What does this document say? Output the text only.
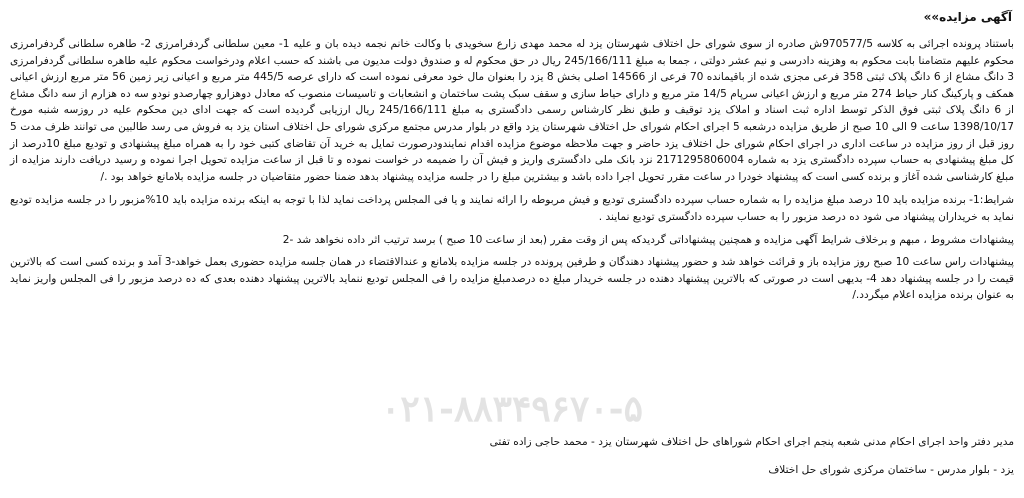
آگهی مزایده»»

باستناد پرونده اجرائی به کلاسه 970577/5ش صادره از سوی شورای حل اختلاف شهرستان یزد له محمد مهدی زارع سخویدی با وکالت خانم نجمه دیده بان و علیه 1- معین سلطانی گردفرامرزی 2- طاهره سلطانی گردفرامرزی محکوم علیهم متضامنا بابت محکوم به وهزینه دادرسی و نیم عشر دولتی ، جمعا به مبلغ 245/166/111 ریال در حق محکوم له و صندوق دولت مدیون می باشند که حسب اعلام ودرخواست محکوم علیه طاهره سلطانی گردفرامرزی 3 دانگ مشاع از 6 دانگ پلاک ثبتی 358 فرعی مجزی شده از باقیمانده 70 فرعی از 14566 اصلی بخش 8 یزد را بعنوان مال خود معرفی نموده است که دارای عرصه 445/5 متر مربع و اعیانی زیر زمین 56 متر مربع ارزش اعیانی همکف و پارکینگ کنار حیاط 274 متر مربع و ارزش اعیانی سرپام 14/5 متر مربع و دارای حیاط سازی و سقف سبک پشت ساختمان و انشعابات و تاسیسات منصوب که معادل دوهزارو چهارصدو نودو سه ده هزارم از سه دانگ مشاع از 6 دانگ پلاک ثبتی فوق الذکر توسط اداره ثبت اسناد و املاک یزد توقیف و طبق نظر کارشناس رسمی دادگستری به مبلغ 245/166/111 ریال ارزیابی گردیده است که جهت ادای دین محکوم علیه در روزسه شنبه مورخ 1398/10/17 ساعت 9 الی 10 صبح از طریق مزایده درشعبه 5 اجرای احکام شورای حل اختلاف شهرستان یزد واقع در بلوار مدرس مجتمع مرکزی شورای حل اختلاف استان یزد به فروش می رسد طالبین می توانند ظرف مدت 5 روز قبل از روز مزایده در ساعت اداری در اجرای احکام شورای حل اختلاف یزد حاضر و جهت ملاحظه موضوع مزایده اقدام نمایندودرصورت تمایل به خرید آن تقاضای کتبی خود را به همراه مبلغ پیشنهادی و تودیع مبلغ 10درصد از کل مبلغ پیشنهادی به حساب سپرده دادگستری یزد به شماره 2171295806004 نزد بانک ملی دادگستری واریز و فیش آن را ضمیمه در خواست نموده و تا قبل از ساعت مزایده تحویل اجرا نموده و رسید دریافت دارند مزایده از مبلغ کارشناسی شده آغاز و برنده کسی است که پیشنهاد خودرا در ساعت مقرر تحویل اجرا داده باشد و بیشترین مبلغ را در جلسه مزایده پیشنهاد بدهد ضمنا حضور متقاضیان در جلسه مزایده بلامانع خواهد بود ./

شرایط:1- برنده مزایده باید 10 درصد مبلغ مزایده را به شماره حساب سپرده دادگستری تودیع و فیش مربوطه را ارائه نمایند و یا فی المجلس پرداخت نماید لذا با توجه به اینکه برنده مزایده باید 10%مزبور را در جلسه مزایده تودیع نماید به خریداران پیشنهاد می شود ده درصد مزبور را به حساب سپرده دادگستری تودیع نمایند .

پیشنهادات مشروط ، مبهم و برخلاف شرایط آگهی مزایده و همچنین پیشنهاداتی گردیدکه پس از وقت مقرر (بعد از ساعت 10 صبح ) برسد ترتیب اثر داده نخواهد شد -2

پیشنهادات راس ساعت 10 صبح روز مزایده باز و قرائت خواهد شد و حضور پیشنهاد دهندگان و طرفین پرونده در جلسه مزایده بلامانع و عندالاقتضاء در همان جلسه مزایده حضوری بعمل خواهد-3 آمد و برنده کسی است که بالاترین قیمت را در جلسه پیشنهاد دهد 4- بدیهی است در صورتی که بالاترین پیشنهاد دهنده در جلسه خریدار مبلغ ده درصدمبلغ مزایده را فی المجلس تودیع ننماید بالاترین پیشنهاد دهنده بعدی که ده درصد مزبور را فی المجلس واریز نماید به عنوان برنده مزایده اعلام میگردد./

۰۲۱-۸۸۳۴۹۶۷۰-۵
مدیر دفتر واحد اجرای احکام مدنی شعبه پنجم اجرای احکام شوراهای حل اختلاف شهرستان یزد - محمد حاجی زاده تفتی
یزد - بلوار مدرس - ساختمان مرکزی شورای حل اختلاف
